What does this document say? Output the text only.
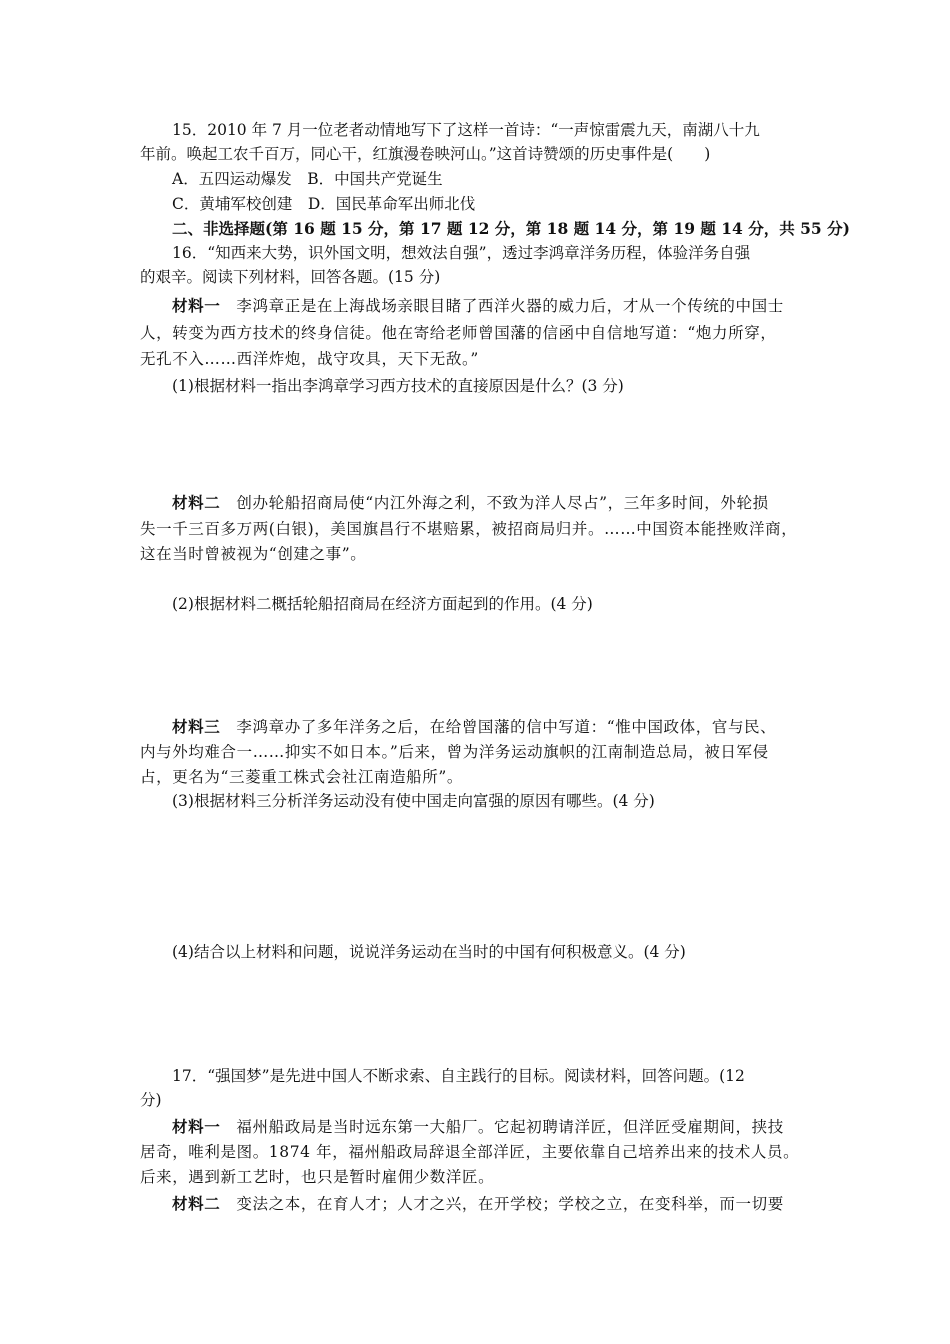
15．2010 年 7 月一位老者动情地写下了这样一首诗：“一声惊雷震九天，南湖八十九
年前。唤起工农千百万，同心干，红旗漫卷映河山。”这首诗赞颂的历史事件是(　　)
A．五四运动爆发　B．中国共产党诞生
C．黄埔军校创建　D．国民革命军出师北伐
二、非选择题(第 16 题 15 分，第 17 题 12 分，第 18 题 14 分，第 19 题 14 分，共 55 分)
16．“知西来大势，识外国文明，想效法自强”，透过李鸿章洋务历程，体验洋务自强
的艰辛。阅读下列材料，回答各题。(15 分)
材料一　 李鸿章正是在上海战场亲眼目睹了西洋火器的威力后，才从一个传统的中国士
人，转变为西方技术的终身信徒。他在寄给老师曾国藩的信函中自信地写道：“炮力所穿，
无孔不入……西洋炸炮，战守攻具，天下无敌。”
(1)根据材料一指出李鸿章学习西方技术的直接原因是什么？(3 分)
材料二　 创办轮船招商局使“内江外海之利，不致为洋人尽占”，三年多时间，外轮损
失一千三百多万两(白银)，美国旗昌行不堪赔累，被招商局归并。……中国资本能挫败洋商，
这在当时曾被视为“创建之事”。
(2)根据材料二概括轮船招商局在经济方面起到的作用。(4 分)
材料三　 李鸿章办了多年洋务之后，在给曾国藩的信中写道：“惟中国政体，官与民、
内与外均难合一……抑实不如日本。”后来，曾为洋务运动旗帜的江南制造总局，被日军侵
占，更名为“三菱重工株式会社江南造船所”。
(3)根据材料三分析洋务运动没有使中国走向富强的原因有哪些。(4 分)
(4)结合以上材料和问题，说说洋务运动在当时的中国有何积极意义。(4 分)
17．“强国梦”是先进中国人不断求索、自主践行的目标。阅读材料，回答问题。(12
分)
材料一　 福州船政局是当时远东第一大船厂。它起初聘请洋匠，但洋匠受雇期间，挟技
居奇，唯利是图。1874 年，福州船政局辞退全部洋匠，主要依靠自己培养出来的技术人员。
后来，遇到新工艺时，也只是暂时雇佣少数洋匠。
材料二　 变法之本，在育人才；人才之兴，在开学校；学校之立，在变科举，而一切要
